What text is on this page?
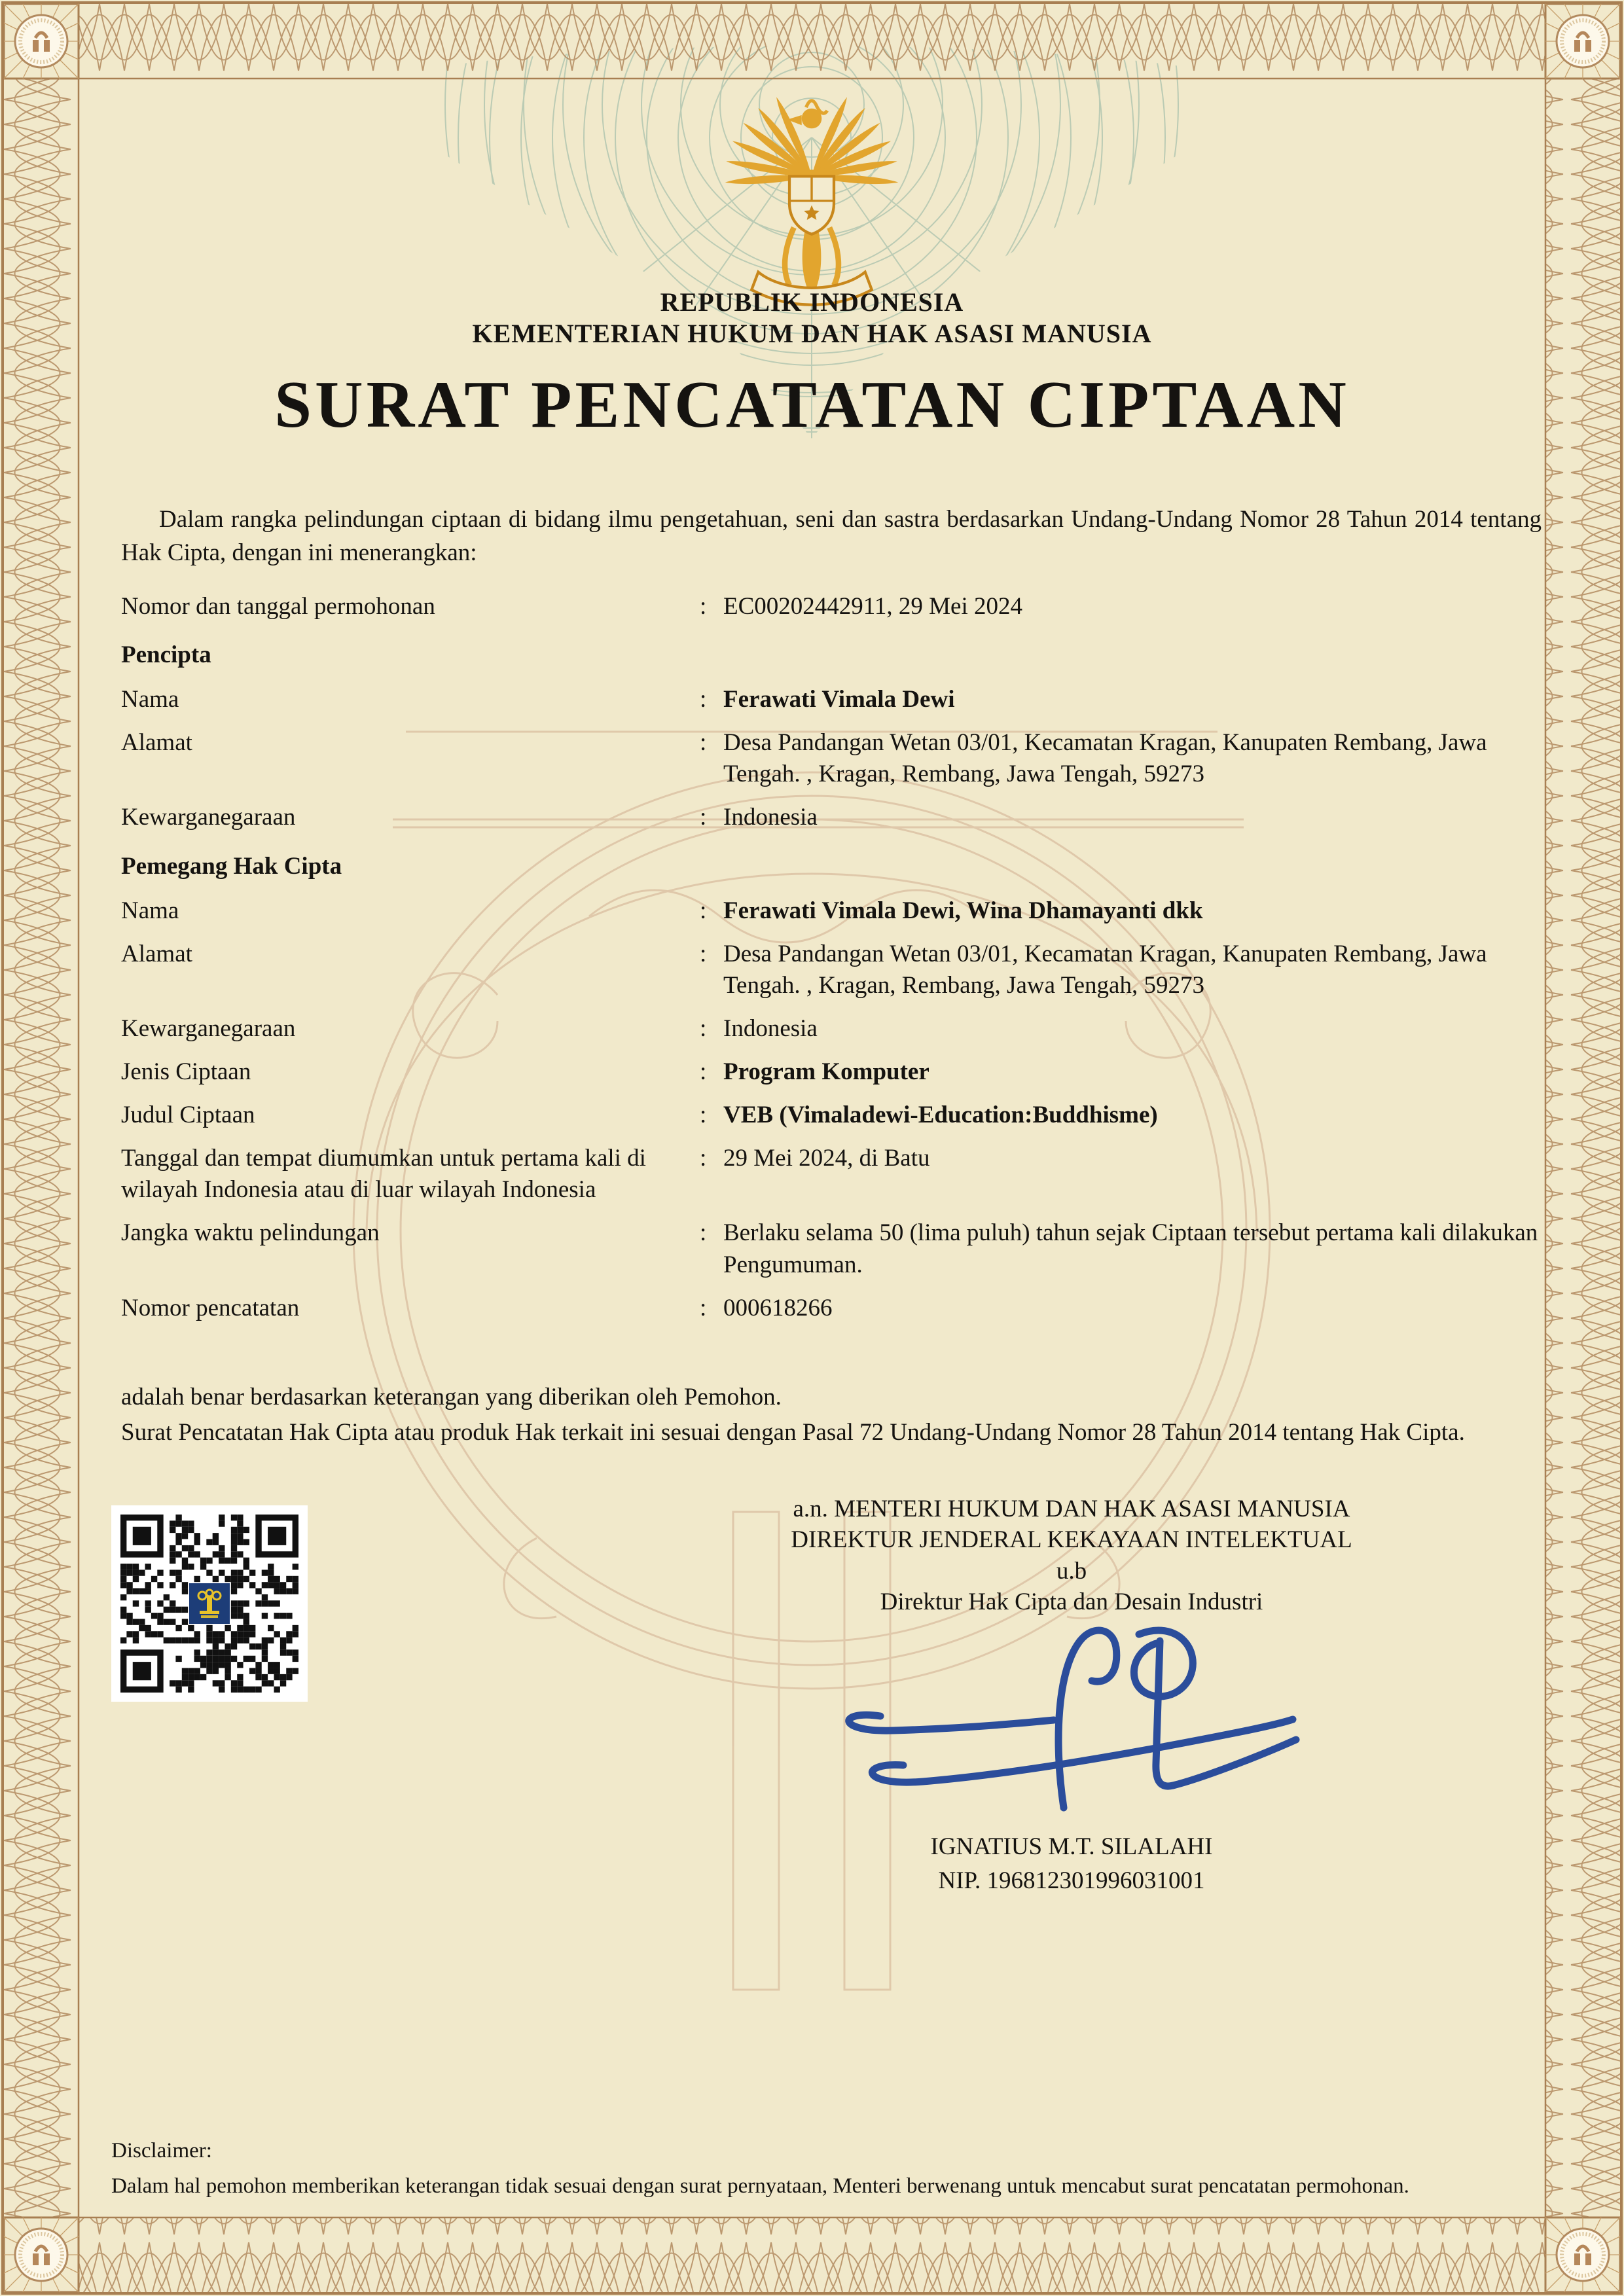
REPUBLIK INDONESIA
KEMENTERIAN HUKUM DAN HAK ASASI MANUSIA
SURAT PENCATATAN CIPTAAN

Dalam rangka pelindungan ciptaan di bidang ilmu pengetahuan, seni dan sastra berdasarkan Undang-Undang Nomor 28 Tahun 2014 tentang Hak Cipta, dengan ini menerangkan:

Nomor dan tanggal permohonan	: EC00202442911, 29 Mei 2024
Pencipta
Nama	: Ferawati Vimala Dewi
Alamat	: Desa Pandangan Wetan 03/01, Kecamatan Kragan, Kanupaten Rembang, Jawa Tengah. , Kragan, Rembang, Jawa Tengah, 59273
Kewarganegaraan	: Indonesia
Pemegang Hak Cipta
Nama	: Ferawati Vimala Dewi, Wina Dhamayanti dkk
Alamat	: Desa Pandangan Wetan 03/01, Kecamatan Kragan, Kanupaten Rembang, Jawa Tengah. , Kragan, Rembang, Jawa Tengah, 59273
Kewarganegaraan	: Indonesia
Jenis Ciptaan	: Program Komputer
Judul Ciptaan	: VEB (Vimaladewi-Education:Buddhisme)
Tanggal dan tempat diumumkan untuk pertama kali di wilayah Indonesia atau di luar wilayah Indonesia
: 29 Mei 2024, di Batu
Jangka waktu pelindungan	: Berlaku selama 50 (lima puluh) tahun sejak Ciptaan tersebut pertama kali dilakukan Pengumuman.
Nomor pencatatan	: 000618266
adalah benar berdasarkan keterangan yang diberikan oleh Pemohon.
Surat Pencatatan Hak Cipta atau produk Hak terkait ini sesuai dengan Pasal 72 Undang-Undang Nomor 28 Tahun 2014 tentang Hak Cipta.
a.n. MENTERI HUKUM DAN HAK ASASI MANUSIA
DIREKTUR JENDERAL KEKAYAAN INTELEKTUAL
u.b
Direktur Hak Cipta dan Desain Industri
IGNATIUS M.T. SILALAHI
NIP. 196812301996031001
Disclaimer:
Dalam hal pemohon memberikan keterangan tidak sesuai dengan surat pernyataan, Menteri berwenang untuk mencabut surat pencatatan permohonan.
